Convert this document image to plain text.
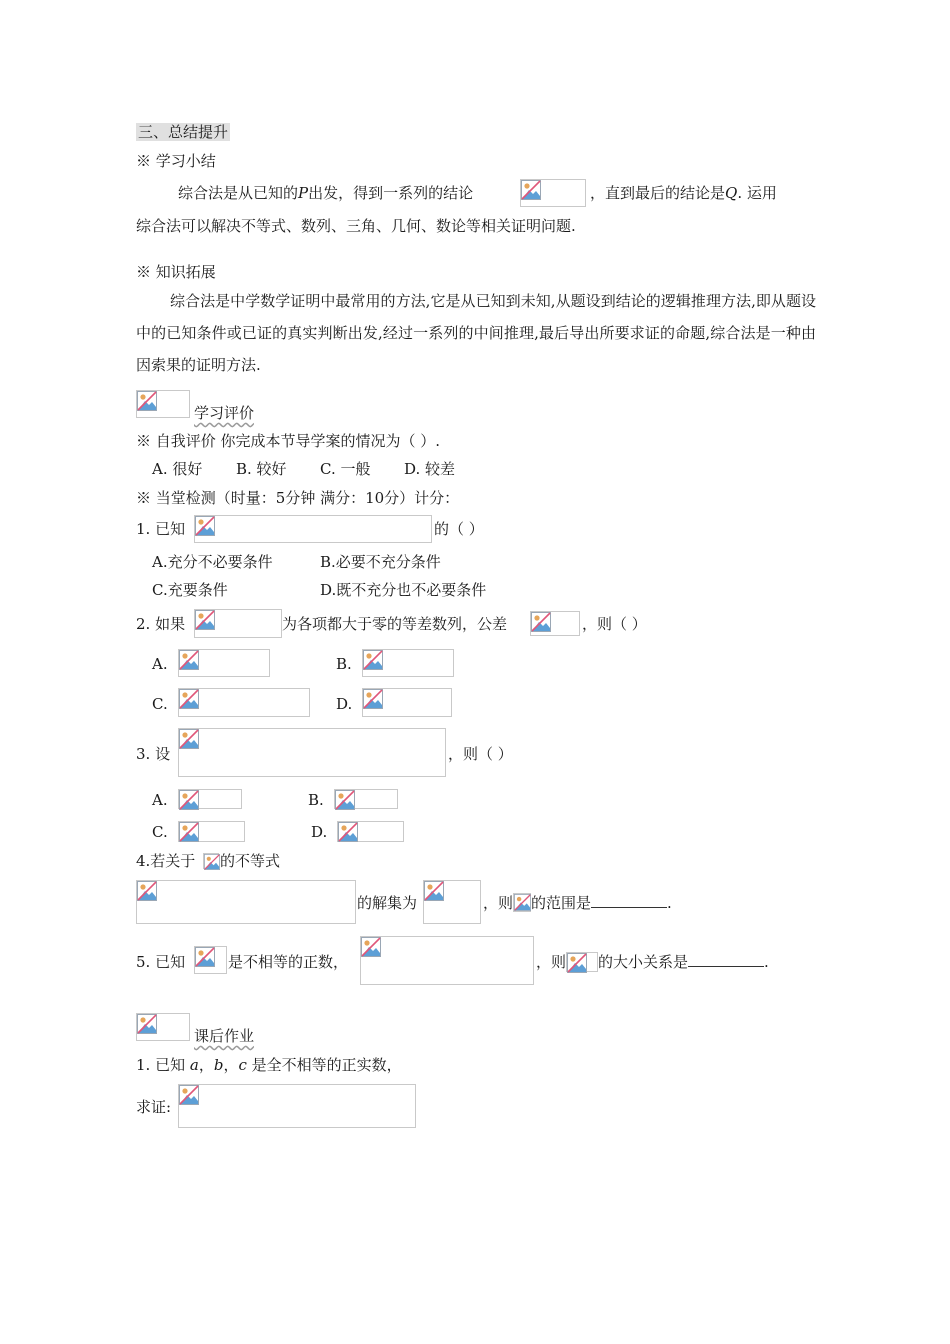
三、总结提升
※ 学习小结
综合法是从已知的P出发，得到一系列的结论	，直到最后的结论是Q. 运用
综合法可以解决不等式、数列、三角、几何、数论等相关证明问题.
※ 知识拓展
综合法是中学数学证明中最常用的方法,它是从已知到未知,从题设到结论的逻辑推理方法,即从题设中的已知条件或已证的真实判断出发,经过一系列的中间推理,最后导出所要求证的命题,综合法是一种由因索果的证明方法.
学习评价
※ 自我评价 你完成本节导学案的情况为（ ）.
A. 很好 B. 较好 C. 一般 D. 较差
※ 当堂检测（时量：5分钟 满分：10分）计分：
1. 已知	的（ ）
A.充分不必要条件	B.必要不充分条件
C.充要条件	D.既不充分也不必要条件
2. 如果	为各项都大于零的等差数列，公差	，则（ ）
A.	B.
C.	D.
3. 设	，则（ ）
A.	B.
C.	D.
4.若关于 的不等式
的解集为	，则 的范围是	.
5. 已知	是不相等的正数，	，则 的大小关系是	.
课后作业
1. 已知 a，b，c 是全不相等的正实数，
求证:
